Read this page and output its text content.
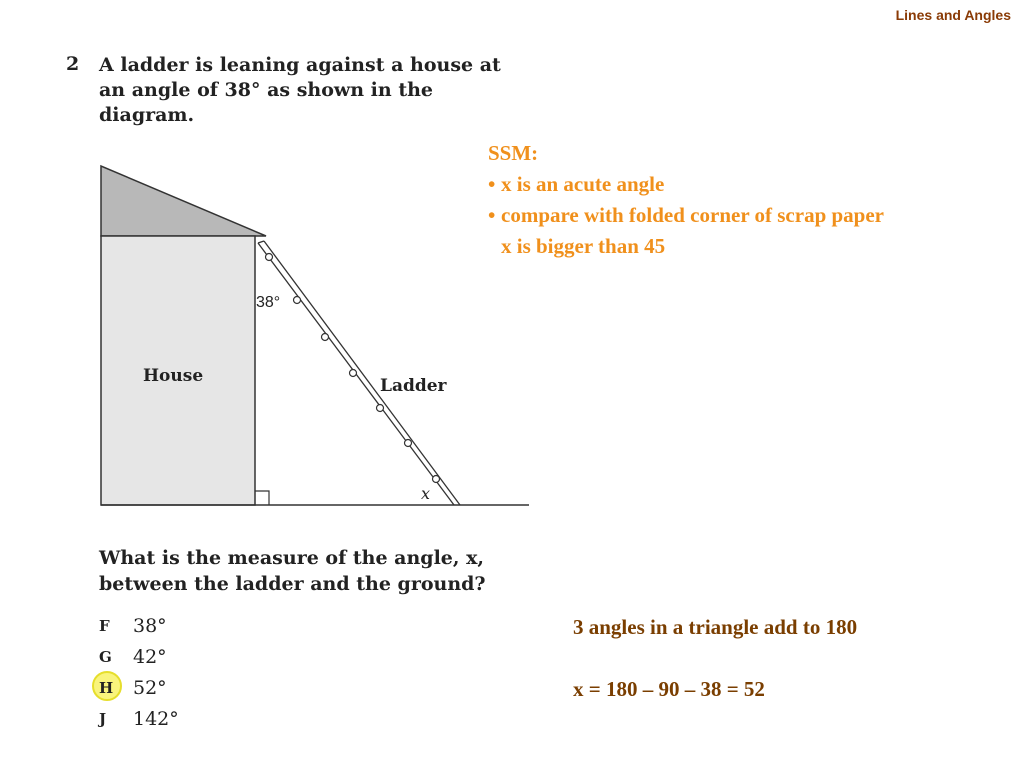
Lines and Angles
2 A ladder is leaning against a house at
an angle of 38° as shown in the
diagram.
House	Ladder
38°
x
What is the measure of the angle, x,
between the ladder and the ground?
F	38°
G 42°
H 52°
J	142°
SSM:
• x is an acute angle
• compare with folded corner of scrap paper
x is bigger than 45
3 angles in a triangle add to 180
x = 180 – 90 – 38 = 52
